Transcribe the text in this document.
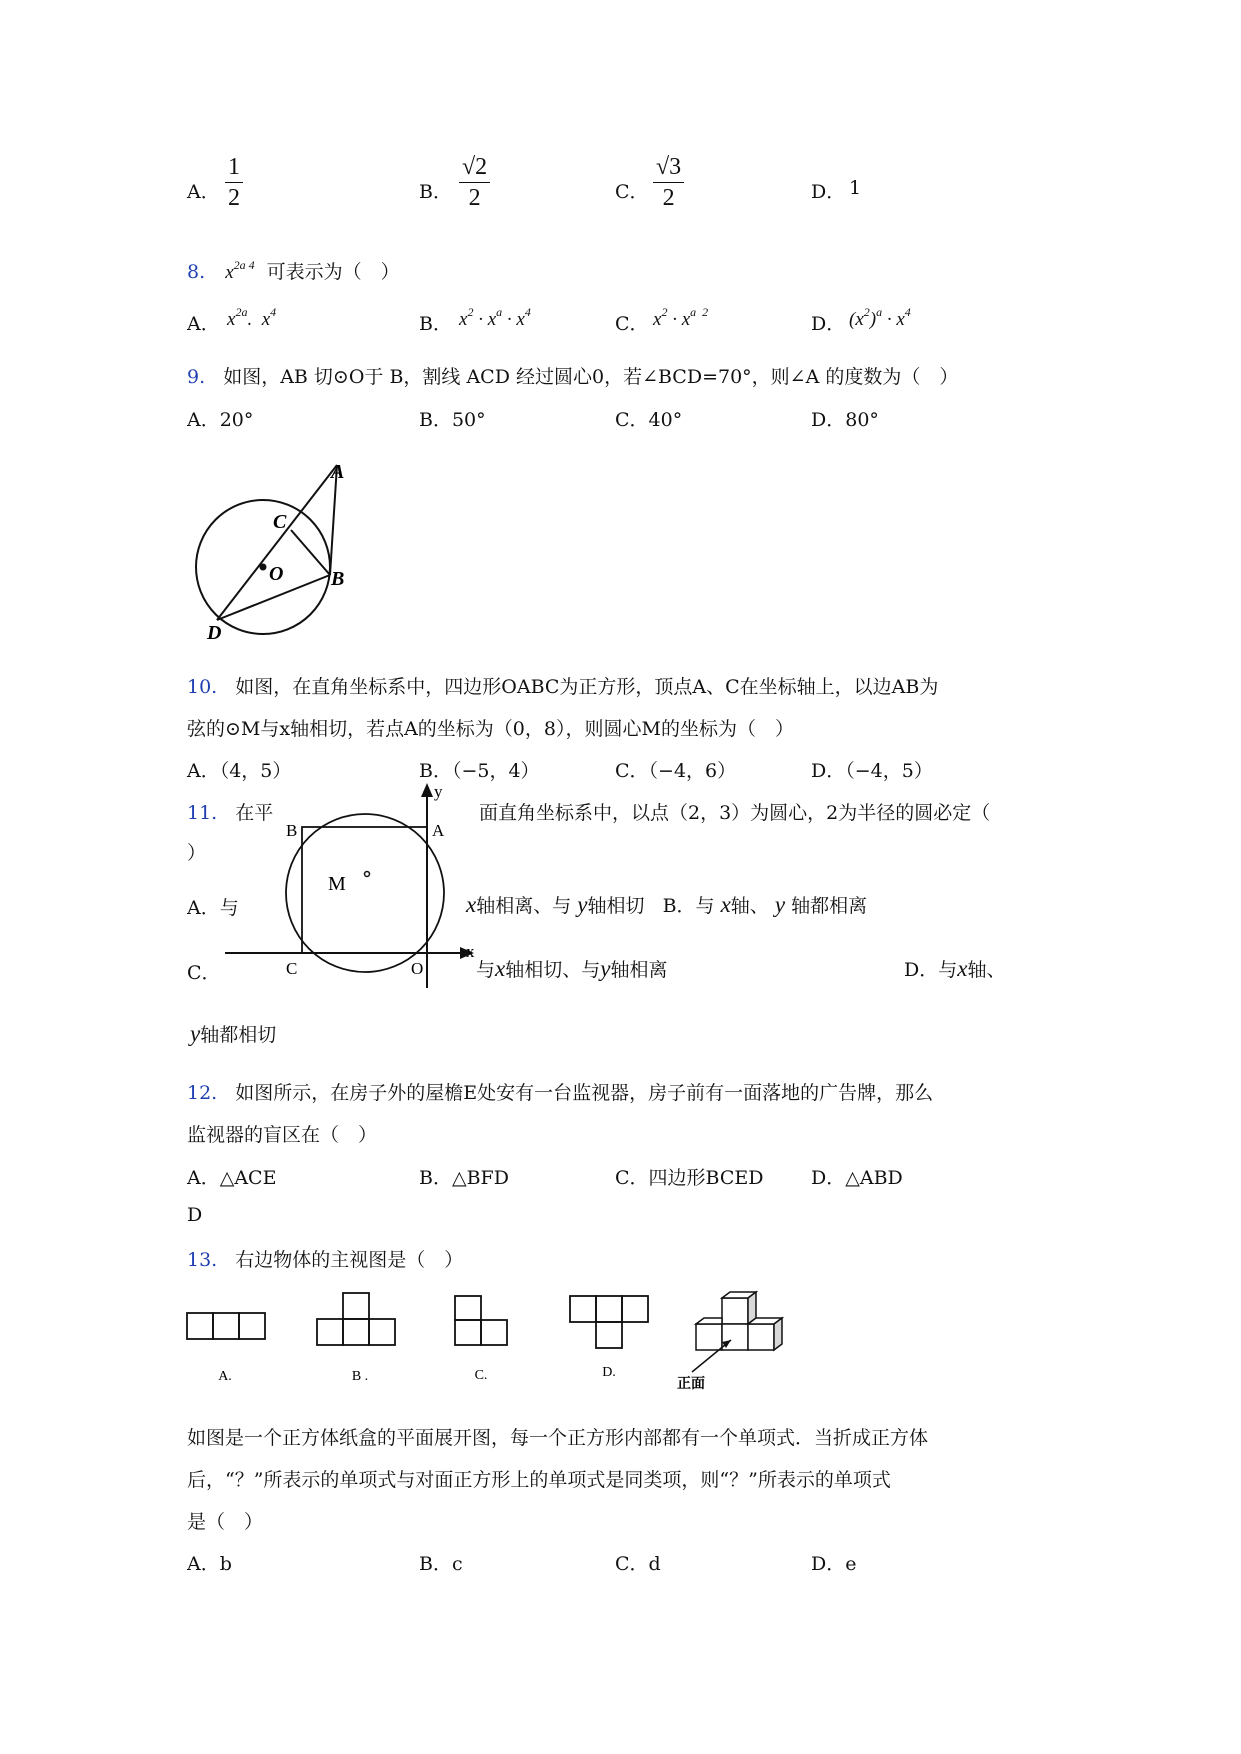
A． $\frac{1}{2}$	B． $\frac{√2}{2}$	C． $\frac{√3}{2}$	D． 1
8. $x^{2a 4}$ 可表示为（　）
A． $x^{2a}$.  $x^4$
B． $x^2 \cdot x^a \cdot x^4$
C． $x^2 \cdot x^{a 2}$
D． $(x^2)^a \cdot x^4$
9. 如图，AB 切⊙O于 B，割线 ACD 经过圆心0，若∠BCD=70°，则∠A 的度数为（　）
A．20°	B．50°	C．40°	D．80°
A
C
O B
D
10. 如图，在直角坐标系中，四边形OABC为正方形，顶点A、C在坐标轴上，以边AB为
弦的⊙M与x轴相切，若点A的坐标为（0，8），则圆心M的坐标为（　）
A．（4，5）	B．（−5，4）	C．（−4，6）	D．（−4，5）
y
x
B	A
M
C	O
11. 在平	面直角坐标系中，以点（2，3）为圆心，2为半径的圆必定（
）
A．与	x轴相离、与 y轴相切 B．与 x轴、 y 轴都相离
C．	与x轴相切、与y轴相离	D．与x轴、
y轴都相切
12. 如图所示，在房子外的屋檐E处安有一台监视器，房子前有一面落地的广告牌，那么
监视器的盲区在（　）
A．△ACE	B．△BFD	C．四边形BCED	D．△ABD
D
13. 右边物体的主视图是（　）
A.	B .	C.	D.
正面
如图是一个正方体纸盒的平面展开图，每一个正方形内部都有一个单项式．当折成正方体
后，“？”所表示的单项式与对面正方形上的单项式是同类项，则“？”所表示的单项式
是（　）
A．b	B．c	C．d	D．e
